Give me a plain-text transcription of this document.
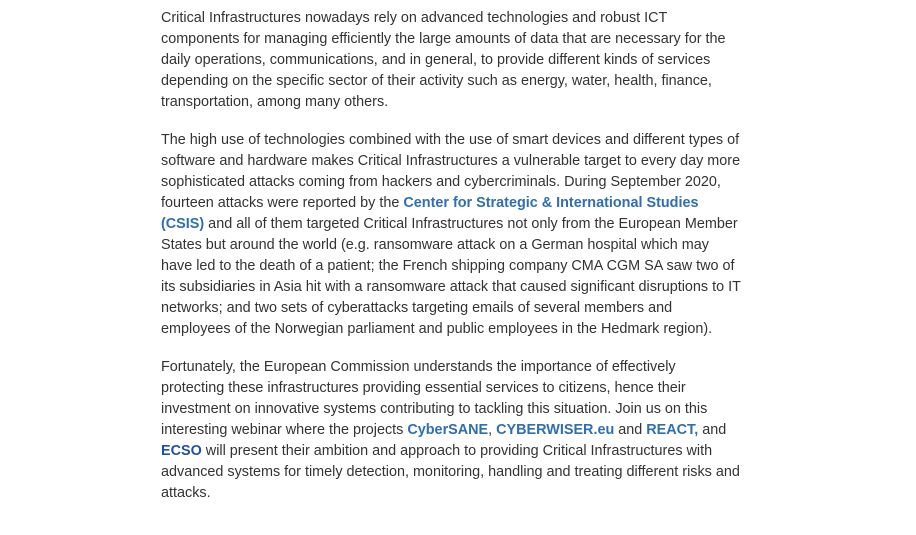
Critical Infrastructures nowadays rely on advanced technologies and robust ICT components for managing efficiently the large amounts of data that are necessary for the daily operations, communications, and in general, to provide different kinds of services depending on the specific sector of their activity such as energy, water, health, finance, transportation, among many others.

The high use of technologies combined with the use of smart devices and different types of software and hardware makes Critical Infrastructures a vulnerable target to every day more sophisticated attacks coming from hackers and cybercriminals. During September 2020, fourteen attacks were reported by the Center for Strategic & International Studies (CSIS) and all of them targeted Critical Infrastructures not only from the European Member States but around the world (e.g. ransomware attack on a German hospital which may have led to the death of a patient; the French shipping company CMA CGM SA saw two of its subsidiaries in Asia hit with a ransomware attack that caused significant disruptions to IT networks; and two sets of cyberattacks targeting emails of several members and employees of the Norwegian parliament and public employees in the Hedmark region).

Fortunately, the European Commission understands the importance of effectively protecting these infrastructures providing essential services to citizens, hence their investment on innovative systems contributing to tackling this situation. Join us on this interesting webinar where the projects CyberSANE, CYBERWISER.eu and REACT, and ECSO will present their ambition and approach to providing Critical Infrastructures with advanced systems for timely detection, monitoring, handling and treating different risks and attacks.
